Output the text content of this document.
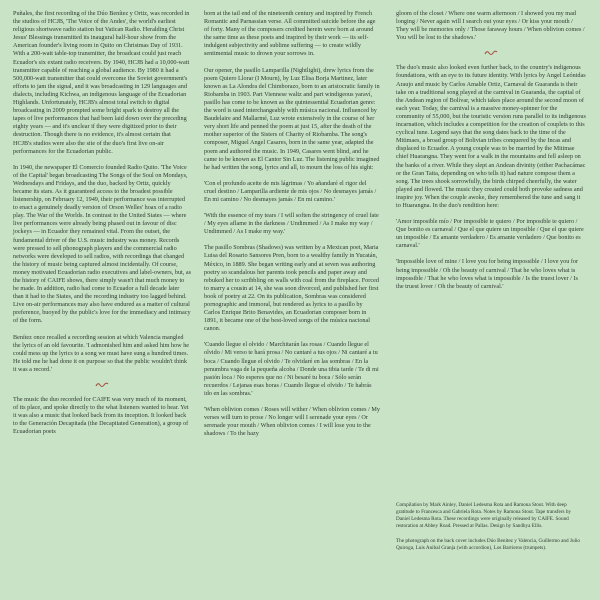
Puñales, the first recording of the Dúo Benítez y Ortiz, was recorded in the studios of HCJB, 'The Voice of the Andes', the world's earliest religious shortwave radio station but Vatican Radio. Heralding Christ Jesus' Blessings transmitted its inaugural half-hour show from the American founder's living room in Quito on Christmas Day of 1931. With a 200-watt table-top transmitter, the broadcast could just reach Ecuador's six extant radio receivers. By 1940, HCJB had a 10,000-watt transmitter capable of reaching a global audience. By 1980 it had a 500,000-watt transmitter that could overcome the Soviet government's efforts to jam the signal, and it was broadcasting in 129 languages and dialects, including Kichwa, an indigenous language of the Ecuadorian Highlands. Unfortunately, HCJB's almost total switch to digital broadcasting in 2009 prompted some bright spark to destroy all the tapes of live performances that had been laid down over the preceding eighty years — and it's unclear if they were digitized prior to their destruction. Though there is no evidence, it's almost certain that HCJB's studios were also the site of the duo's first live on-air performances for the Ecuadorian public.

In 1940, the newspaper El Comercio founded Radio Quito. 'The Voice of the Capital' began broadcasting The Songs of the Soul on Mondays, Wednesdays and Fridays, and the duo, backed by Ortiz, quickly became its stars. As it guaranteed access to the broadest possible listenership, on February 12, 1949, their performance was interrupted to enact a genuinely deadly version of Orson Welles' hoax of a radio play. The War of the Worlds. In contrast to the United States — where live performances were already being phased out in favour of disc jockeys — in Ecuador they remained vital. From the outset, the fundamental driver of the U.S. music industry was money. Records were pressed to sell phonograph players and the commercial radio networks were developed to sell radios, with recordings that changed the history of music being captured almost incidentally. Of course, money motivated Ecuadorian radio executives and label-owners, but, as the history of CAIFE shows, there simply wasn't that much money to be made. In addition, radio had come to Ecuador a full decade later than it had to the States, and the recording industry too lagged behind. Live on-air performances may also have endured as a matter of cultural preference, buoyed by the public's love for the immediacy and intimacy of the form.

Benítez once recalled a recording session at which Valencia mangled the lyrics of an old favourite. 'I admonished him and asked him how he could mess up the lyrics to a song we must have sung a hundred times. He told me he had done it on purpose so that the public wouldn't think it was a record.'

The music the duo recorded for CAIFE was very much of its moment, of its place, and spoke directly to the what listeners wanted to hear. Yet it was also a music that looked back from its inception. It looked back to the Generación Decapitada (the Decapitated Generation), a group of Ecuadorian poets

born at the tail end of the nineteenth century and inspired by French Romantic and Parnassian verse. All committed suicide before the age of forty. Many of the composers credited herein were born at around the same time as these poets and inspired by their work — its self-indulgent subjectivity and sublime suffering — to create wildly sentimental music to drown your sorrows in.

Our opener, the pasillo Lamparilla (Nightlight), drew lyrics from the poem Quiero Llorar (I Mourn), by Luz Elisa Borja Martinez, later known as La Alondra del Chimborazo, born to an aristocratic family in Riobamba in 1903. Part Viennese waltz and part windigeous yaraví, pasillo has come to be known as the quintessential Ecuadorian genre: the word is used interchangeably with música nacional. Influenced by Baudelaire and Mallarmé, Luz wrote extensively in the course of her very short life and penned the poem at just 15, after the death of the mother superior of the Sisters of Charity of Riobamba. The song's composer, Miguel Angel Casares, born in the same year, adapted the poem and authored the music. In 1949, Casares went blind, and he came to be known as El Cantor Sin Luz. The listening public imagined he had written the song, lyrics and all, to mourn the loss of his sight:

'Con el profundo aceite de mis lágrimas / Yo añandaré el rigor del cruel destino / Lamparilla ardiente de mis ojos / No desmayes jamás / En mi camino / No desmayes jamás / En mi camino.'

'With the essence of my tears / I will soften the stringency of cruel fate / My eyes aflame in the darkness / Undimmed / As I make my way / Undimmed / As I make my way.'

The pasillo Sombras (Shadows) was written by a Mexican poet, Maria Luisa del Rosario Sansores Pren, born to a wealthy family in Yucatán, México, in 1889. She began writing early and at seven was authoring poetry so scandalous her parents took pencils and paper away and rebuked her to scribbling on walls with coal from the fireplace. Forced to marry a cousin at 14, she was soon divorced, and published her first book of poetry at 22. On its publication, Sombras was considered pornographic and immoral, but rendered as lyrics to a pasillo by Carlos Enrique Brito Benavides, an Ecuadorian composer born in 1891, it became one of the best-loved songs of the música nacional canon.

'Cuando llegue el olvido / Marchitarán las rosas / Cuando llegue el olvido / Mi verso te hará prosa / No cantaré a tus ojos / Ni cantaré a tu boca / Cuando llegue el olvido / Te olvidaré en las sombras / En la penumbra vaga de la pequeña alcoba / Donde una tibia tarde / Te di mi pasión loca / No esperes que no / Ni besaré tu boca / Sólo serán recuerdos / Lejanas esas horas / Cuando llegue el olvido / Te habrás ido en las sombras.'

'When oblivion comes / Roses will wither / When oblivion comes / My verses will turn to prose / No longer will I serenade your eyes / Or serenade your mouth / When oblivion comes / I will lose you to the shadows / To the hazy

gloom of the closet / Where one warm afternoon / I showed you my mad longing / Never again will I search out your eyes / Or kiss your mouth / They will be memories only / Those faraway hours / When oblivion comes / You will be lost to the shadows.'

The duo's music also looked even further back, to the country's indigenous foundations, with an eye to its future identity. With lyrics by Angel Leónidas Araujo and music by Carlos Amable Ortiz, Carnaval de Guaranda is their take on a traditional song played at the carnival in Guaranda, the capital of the Andean region of Bolívar, which takes place around the second moon of each year. Today, the carnival is a massive money-spinner for the community of 55,000, but the touristic version runs parallel to its indigenous incarnation, which includes a competition for the creation of couplets to this cyclical tune. Legend says that the song dates back to the time of the Mitimaes, a broad group of Bolivian tribes conquered by the Incas and displaced to Ecuador. A young couple was to be married by the Mitimae chief Huarangna. They went for a walk in the mountains and fell asleep on the banks of a river. While they slept an Andean divinity (either Pachacámac or the Gran Taita, depending on who tells it) had nature compose them a song. The trees shook sorrowfully, the birds chirped cheerfully, the water played and flowed. The music they created could both provoke sadness and inspire joy. When the couple awoke, they remembered the tune and sang it to Huarangna. In the duo's rendition here:

'Amor imposible mío / Por imposible te quiero / Por imposible te quiero / Que bonito es carnaval / Que el que quiere un imposible / Que el que quiere un imposible / Es amante verdadero / Es amante verdadero / Que bonito es carnaval.'

'Impossible love of mine / I love you for being impossible / I love you for being impossible / Oh the beauty of carnival / That he who loves what is impossible / That he who loves what is impossible / Is the truest lover / Is the truest lover / Oh the beauty of carnival.'

Compilation by Mark Ainley, Daniel Ledesma Rota and Ramona Stout. With deep gratitude to Francesca and Gabriela Rota. Notes by Ramona Stout. Tape transfers by Daniel Ledesma Rota. These recordings were originally released by CAIFE. Sound restoration at Abbey Road. Pressed at Pallas. Design by Sandhya Ellis.

The photograph on the back cover includes Dúo Benítez y Valencia, Guillermo and Julio Quiroga, Luis Aníbal Granja (with accordion), Los Barrieros (trumpets).
